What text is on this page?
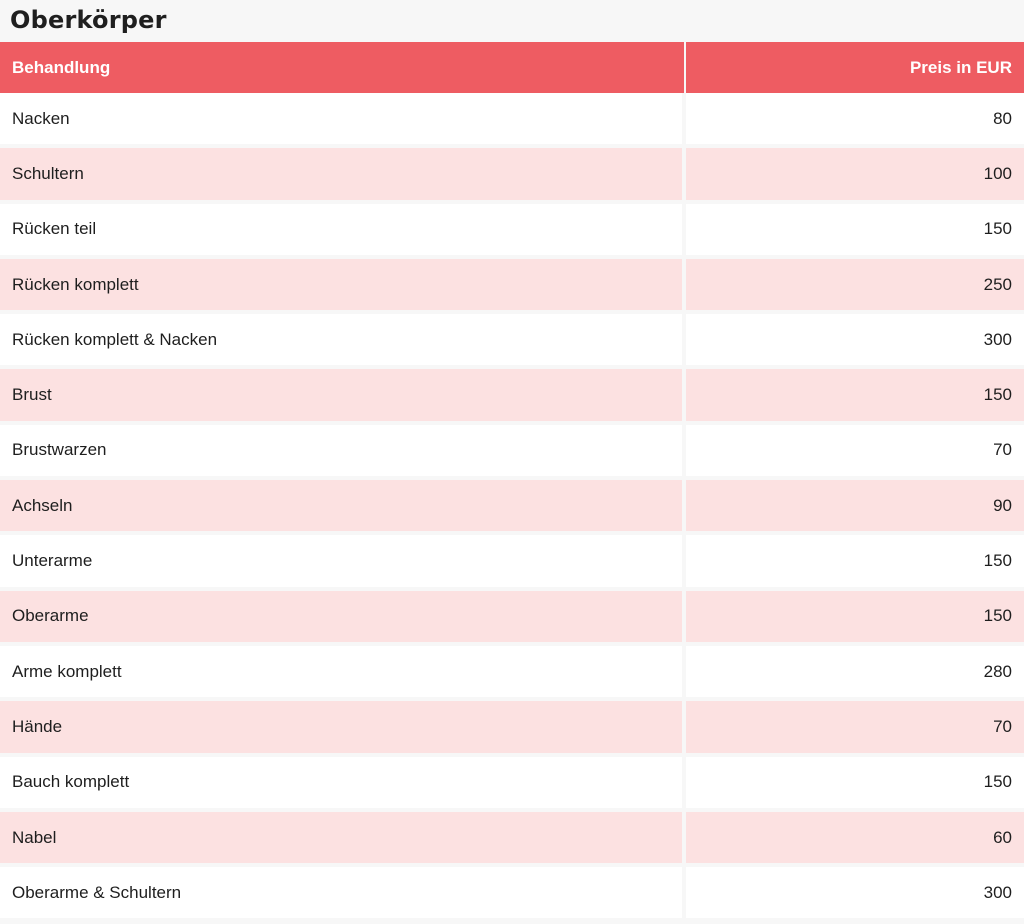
Oberkörper
Behandlung	Preis in EUR
Nacken	80
Schultern	100
Rücken teil	150
Rücken komplett	250
Rücken komplett & Nacken	300
Brust	150
Brustwarzen	70
Achseln	90
Unterarme	150
Oberarme	150
Arme komplett	280
Hände	70
Bauch komplett	150
Nabel	60
Oberarme & Schultern	300
